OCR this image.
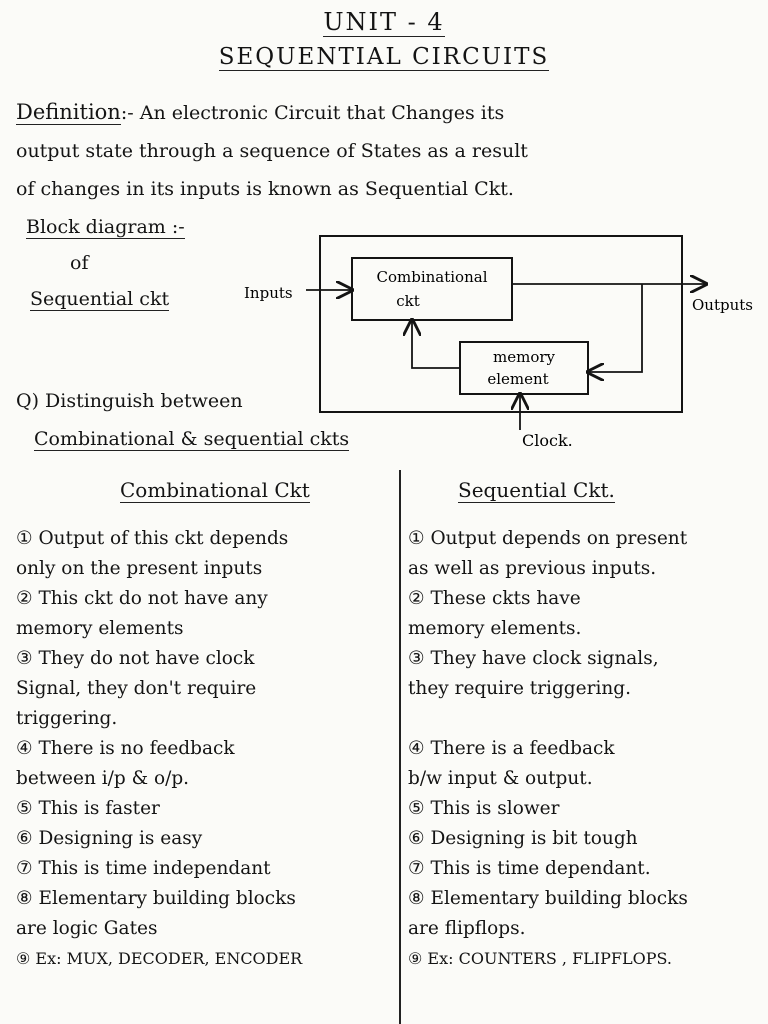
UNIT - 4
SEQUENTIAL CIRCUITS
Definition:- An electronic Circuit that Changes its
output state through a sequence of States as a result
of changes in its inputs is known as Sequential Ckt.
Block diagram :-
of
Sequential ckt
Combinational
ckt
memory
element
Inputs
Outputs
Clock.
Q) Distinguish between
Combinational & sequential ckts
Combinational Ckt	Sequential Ckt.
① Output of this ckt depends
only on the present inputs
② This ckt do not have any
memory elements
③ They do not have clock
Signal, they don't require
triggering.
④ There is no feedback
between i/p & o/p.
⑤ This is faster
⑥ Designing is easy
⑦ This is time independant
⑧ Elementary building blocks
are logic Gates
⑨ Ex: MUX, DECODER, ENCODER
① Output depends on present
as well as previous inputs.
② These ckts have
memory elements.
③ They have clock signals,
they require triggering.
④ There is a feedback
b/w input & output.
⑤ This is slower
⑥ Designing is bit tough
⑦ This is time dependant.
⑧ Elementary building blocks
are flipflops.
⑨ Ex: COUNTERS , FLIPFLOPS.
